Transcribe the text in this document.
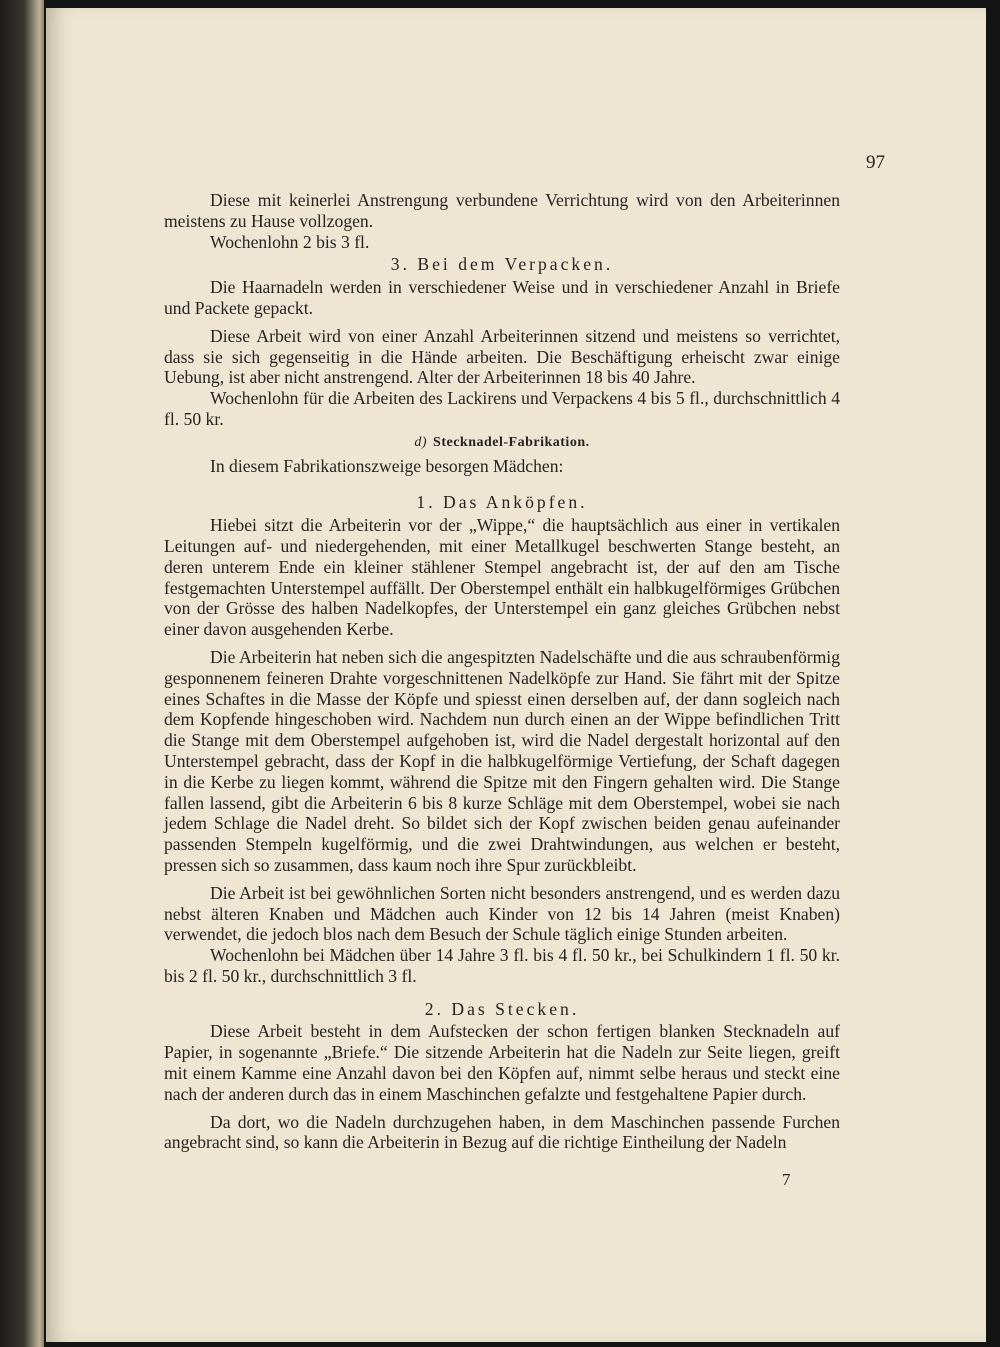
97

Diese mit keinerlei Anstrengung verbundene Verrichtung wird von den Arbeiterinnen meistens zu Hause vollzogen.

Wochenlohn 2 bis 3 fl.

3. Bei dem Verpacken.

Die Haarnadeln werden in verschiedener Weise und in verschiedener Anzahl in Briefe und Packete gepackt.

Diese Arbeit wird von einer Anzahl Arbeiterinnen sitzend und meistens so verrichtet, dass sie sich gegenseitig in die Hände arbeiten. Die Beschäftigung erheischt zwar einige Uebung, ist aber nicht anstrengend. Alter der Arbeiterinnen 18 bis 40 Jahre.

Wochenlohn für die Arbeiten des Lackirens und Verpackens 4 bis 5 fl., durchschnittlich 4 fl. 50 kr.

d) Stecknadel-Fabrikation.

In diesem Fabrikationszweige besorgen Mädchen:

1. Das Anköpfen.

Hiebei sitzt die Arbeiterin vor der „Wippe,“ die hauptsächlich aus einer in vertikalen Leitungen auf- und niedergehenden, mit einer Metallkugel beschwerten Stange besteht, an deren unterem Ende ein kleiner stählener Stempel angebracht ist, der auf den am Tische festgemachten Unterstempel auffällt. Der Oberstempel enthält ein halbkugelförmiges Grübchen von der Grösse des halben Nadelkopfes, der Unterstempel ein ganz gleiches Grübchen nebst einer davon ausgehenden Kerbe.

Die Arbeiterin hat neben sich die angespitzten Nadelschäfte und die aus schraubenförmig gesponnenem feineren Drahte vorgeschnittenen Nadelköpfe zur Hand. Sie fährt mit der Spitze eines Schaftes in die Masse der Köpfe und spiesst einen derselben auf, der dann sogleich nach dem Kopfende hingeschoben wird. Nachdem nun durch einen an der Wippe befindlichen Tritt die Stange mit dem Oberstempel aufgehoben ist, wird die Nadel dergestalt horizontal auf den Unterstempel gebracht, dass der Kopf in die halbkugelförmige Vertiefung, der Schaft dagegen in die Kerbe zu liegen kommt, während die Spitze mit den Fingern gehalten wird. Die Stange fallen lassend, gibt die Arbeiterin 6 bis 8 kurze Schläge mit dem Oberstempel, wobei sie nach jedem Schlage die Nadel dreht. So bildet sich der Kopf zwischen beiden genau aufeinander passenden Stempeln kugelförmig, und die zwei Drahtwindungen, aus welchen er besteht, pressen sich so zusammen, dass kaum noch ihre Spur zurückbleibt.

Die Arbeit ist bei gewöhnlichen Sorten nicht besonders anstrengend, und es werden dazu nebst älteren Knaben und Mädchen auch Kinder von 12 bis 14 Jahren (meist Knaben) verwendet, die jedoch blos nach dem Besuch der Schule täglich einige Stunden arbeiten.

Wochenlohn bei Mädchen über 14 Jahre 3 fl. bis 4 fl. 50 kr., bei Schulkindern 1 fl. 50 kr. bis 2 fl. 50 kr., durchschnittlich 3 fl.

2. Das Stecken.

Diese Arbeit besteht in dem Aufstecken der schon fertigen blanken Stecknadeln auf Papier, in sogenannte „Briefe.“ Die sitzende Arbeiterin hat die Nadeln zur Seite liegen, greift mit einem Kamme eine Anzahl davon bei den Köpfen auf, nimmt selbe heraus und steckt eine nach der anderen durch das in einem Maschinchen gefalzte und festgehaltene Papier durch.

Da dort, wo die Nadeln durchzugehen haben, in dem Maschinchen passende Furchen angebracht sind, so kann die Arbeiterin in Bezug auf die richtige Eintheilung der Nadeln

7
